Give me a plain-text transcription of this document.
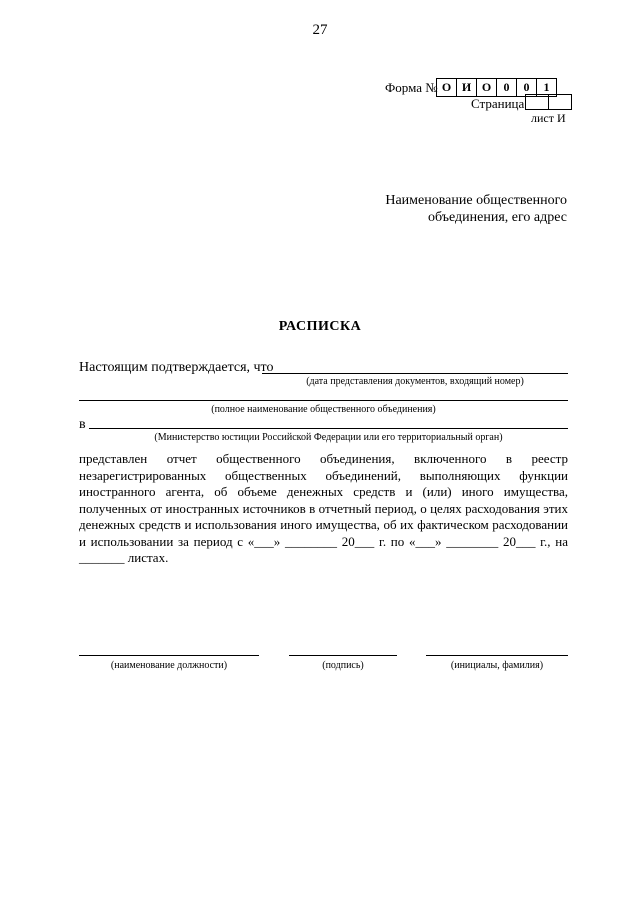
27
Форма № О И О	0	0	1
Страница
лист И
Наименование общественного
объединения, его адрес
РАСПИСКА
Настоящим подтверждается, что
(дата представления документов, входящий номер)
(полное наименование общественного объединения)
в
(Министерство юстиции Российской Федерации или его территориальный орган)
представлен отчет общественного объединения, включенного в реестр
незарегистрированных общественных объединений, выполняющих функции
иностранного агента, об объеме денежных средств и (или) иного имущества,
полученных от иностранных источников в отчетный период, о целях расходования этих
денежных средств и использования иного имущества, об их фактическом расходовании
и использовании за период с «___» ________ 20___ г. по «___» ________ 20___ г., на
_______ листах.
(наименование должности)	(подпись)	(инициалы, фамилия)
